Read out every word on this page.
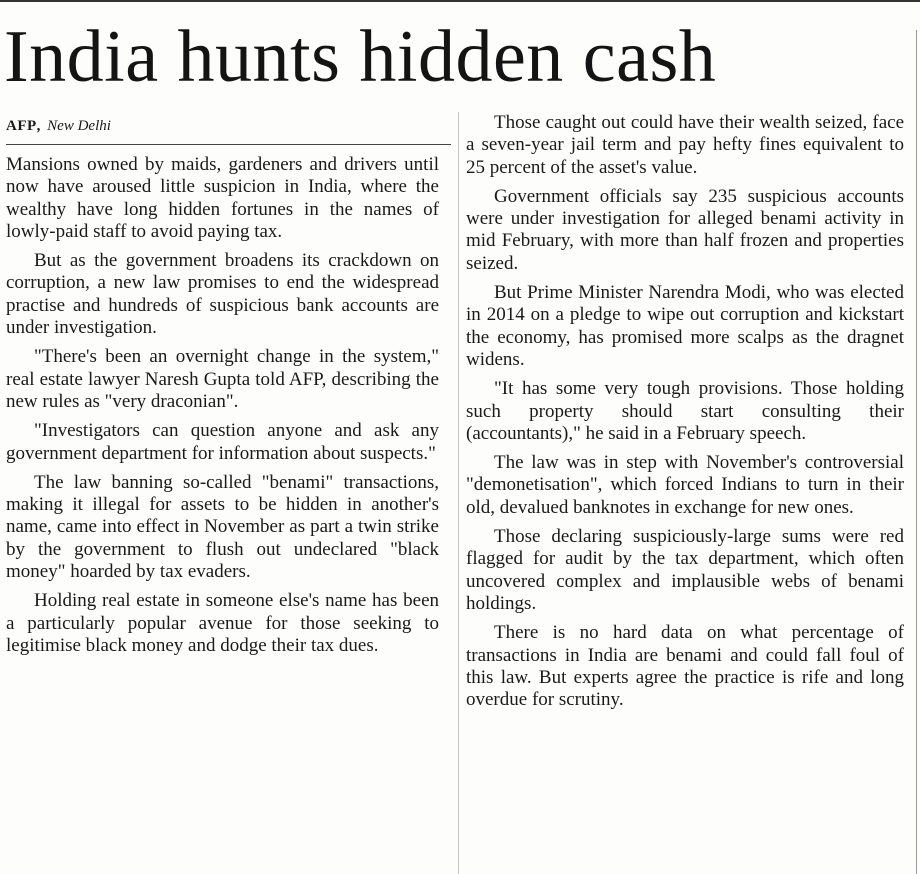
India hunts hidden cash
AFP, New Delhi

Mansions owned by maids, gardeners and drivers until now have aroused little suspicion in India, where the wealthy have long hidden fortunes in the names of lowly-paid staff to avoid paying tax.

But as the government broadens its crackdown on corruption, a new law promises to end the widespread practise and hundreds of suspicious bank accounts are under investigation.

"There's been an overnight change in the system," real estate lawyer Naresh Gupta told AFP, describing the new rules as "very draconian".

"Investigators can question anyone and ask any government department for information about suspects."

The law banning so-called "benami" transactions, making it illegal for assets to be hidden in another's name, came into effect in November as part a twin strike by the government to flush out undeclared "black money" hoarded by tax evaders.

Holding real estate in someone else's name has been a particularly popular avenue for those seeking to legitimise black money and dodge their tax dues.

Those caught out could have their wealth seized, face a seven-year jail term and pay hefty fines equivalent to 25 percent of the asset's value.

Government officials say 235 suspicious accounts were under investigation for alleged benami activity in mid February, with more than half frozen and properties seized.

But Prime Minister Narendra Modi, who was elected in 2014 on a pledge to wipe out corruption and kickstart the economy, has promised more scalps as the dragnet widens.

"It has some very tough provisions. Those holding such property should start consulting their (accountants)," he said in a February speech.

The law was in step with November's controversial "demonetisation", which forced Indians to turn in their old, devalued banknotes in exchange for new ones.

Those declaring suspiciously-large sums were red flagged for audit by the tax department, which often uncovered complex and implausible webs of benami holdings.

There is no hard data on what percentage of transactions in India are benami and could fall foul of this law. But experts agree the practice is rife and long overdue for scrutiny.
